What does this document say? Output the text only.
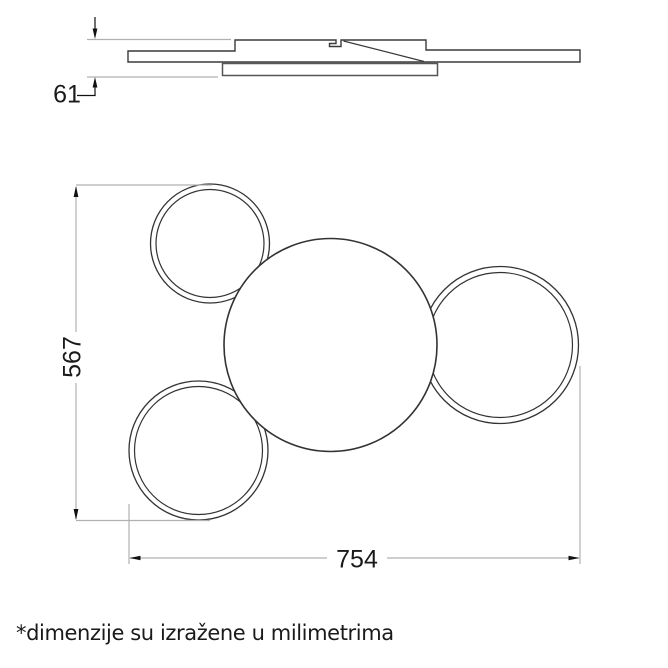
61
567
754
*dimenzije su izražene u milimetrima
